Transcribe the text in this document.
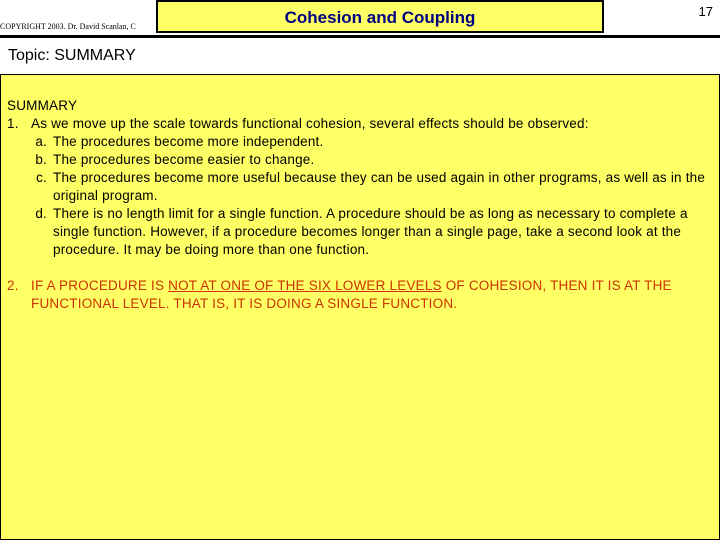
COPYRIGHT 2003. Dr. David Scanlan, C	Cohesion and Coupling	17
Topic: SUMMARY

SUMMARY

1. As we move up the scale towards functional cohesion, several effects should be observed:
a. The procedures become more independent.
b. The procedures become easier to change.
c. The procedures become more useful because they can be used again in other programs, as well as in the original program.
d. There is no length limit for a single function. A procedure should be as long as necessary to complete a single function. However, if a procedure becomes longer than a single page, take a second look at the procedure. It may be doing more than one function.
2. IF A PROCEDURE IS NOT AT ONE OF THE SIX LOWER LEVELS OF COHESION, THEN IT IS AT THE FUNCTIONAL LEVEL. THAT IS, IT IS DOING A SINGLE FUNCTION.
